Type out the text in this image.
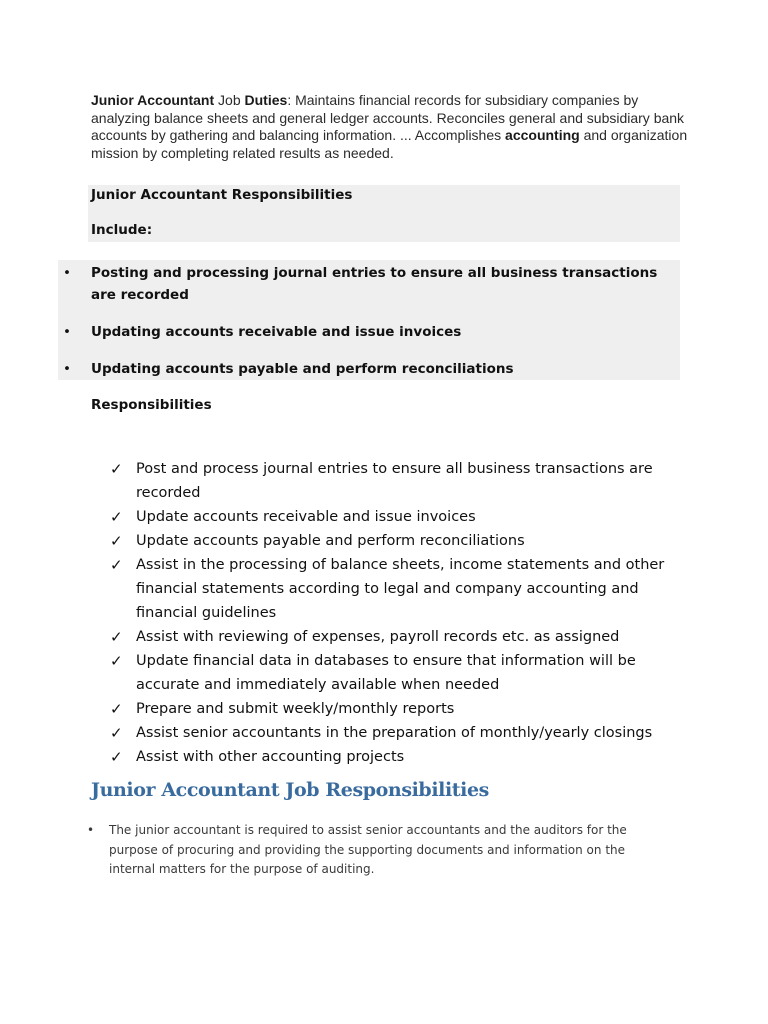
Junior Accountant Job Duties: Maintains financial records for subsidiary companies by analyzing balance sheets and general ledger accounts. Reconciles general and subsidiary bank accounts by gathering and balancing information. ... Accomplishes accounting and organization mission by completing related results as needed.

Junior Accountant Responsibilities
Include:
• Posting and processing journal entries to ensure all business transactions are recorded
• Updating accounts receivable and issue invoices
• Updating accounts payable and perform reconciliations
Responsibilities
✓ Post and process journal entries to ensure all business transactions are recorded
✓ Update accounts receivable and issue invoices
✓ Update accounts payable and perform reconciliations
✓ Assist in the processing of balance sheets, income statements and other financial statements according to legal and company accounting and financial guidelines
✓ Assist with reviewing of expenses, payroll records etc. as assigned
✓ Update financial data in databases to ensure that information will be accurate and immediately available when needed
✓ Prepare and submit weekly/monthly reports
✓ Assist senior accountants in the preparation of monthly/yearly closings
✓ Assist with other accounting projects
Junior Accountant Job Responsibilities
• The junior accountant is required to assist senior accountants and the auditors for the purpose of procuring and providing the supporting documents and information on the internal matters for the purpose of auditing.
